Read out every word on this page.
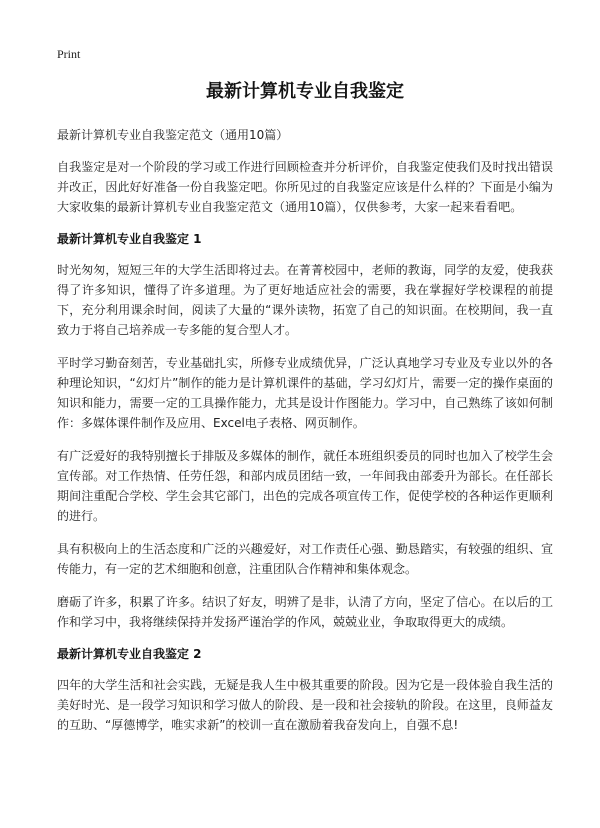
Print
最新计算机专业自我鉴定
最新计算机专业自我鉴定范文（通用10篇）

自我鉴定是对一个阶段的学习或工作进行回顾检查并分析评价，自我鉴定使我们及时找出错误并改正，因此好好准备一份自我鉴定吧。你所见过的自我鉴定应该是什么样的？下面是小编为大家收集的最新计算机专业自我鉴定范文（通用10篇），仅供参考，大家一起来看看吧。

最新计算机专业自我鉴定 1

时光匆匆，短短三年的大学生活即将过去。在菁菁校园中，老师的教诲，同学的友爱，使我获得了许多知识，懂得了许多道理。为了更好地适应社会的需要，我在掌握好学校课程的前提下，充分利用课余时间，阅读了大量的“课外读物，拓宽了自己的知识面。在校期间，我一直致力于将自己培养成一专多能的复合型人才。

平时学习勤奋刻苦，专业基础扎实，所修专业成绩优异，广泛认真地学习专业及专业以外的各种理论知识，“幻灯片”制作的能力是计算机课件的基础，学习幻灯片，需要一定的操作桌面的知识和能力，需要一定的工具操作能力，尤其是设计作图能力。学习中，自己熟练了该如何制作：多媒体课件制作及应用、Excel电子表格、网页制作。

有广泛爱好的我特别擅长于排版及多媒体的制作，就任本班组织委员的同时也加入了校学生会宣传部。对工作热情、任劳任怨，和部内成员团结一致，一年间我由部委升为部长。在任部长期间注重配合学校、学生会其它部门，出色的完成各项宣传工作，促使学校的各种运作更顺利的进行。

具有积极向上的生活态度和广泛的兴趣爱好，对工作责任心强、勤恳踏实，有较强的组织、宣传能力，有一定的艺术细胞和创意，注重团队合作精神和集体观念。

磨砺了许多，积累了许多。结识了好友，明辨了是非，认清了方向，坚定了信心。在以后的工作和学习中，我将继续保持并发扬严谨治学的作风，兢兢业业，争取取得更大的成绩。

最新计算机专业自我鉴定 2

四年的大学生活和社会实践，无疑是我人生中极其重要的阶段。因为它是一段体验自我生活的美好时光、是一段学习知识和学习做人的阶段、是一段和社会接轨的阶段。在这里，良师益友的互助、“厚德博学，唯实求新”的校训一直在激励着我奋发向上，自强不息!
